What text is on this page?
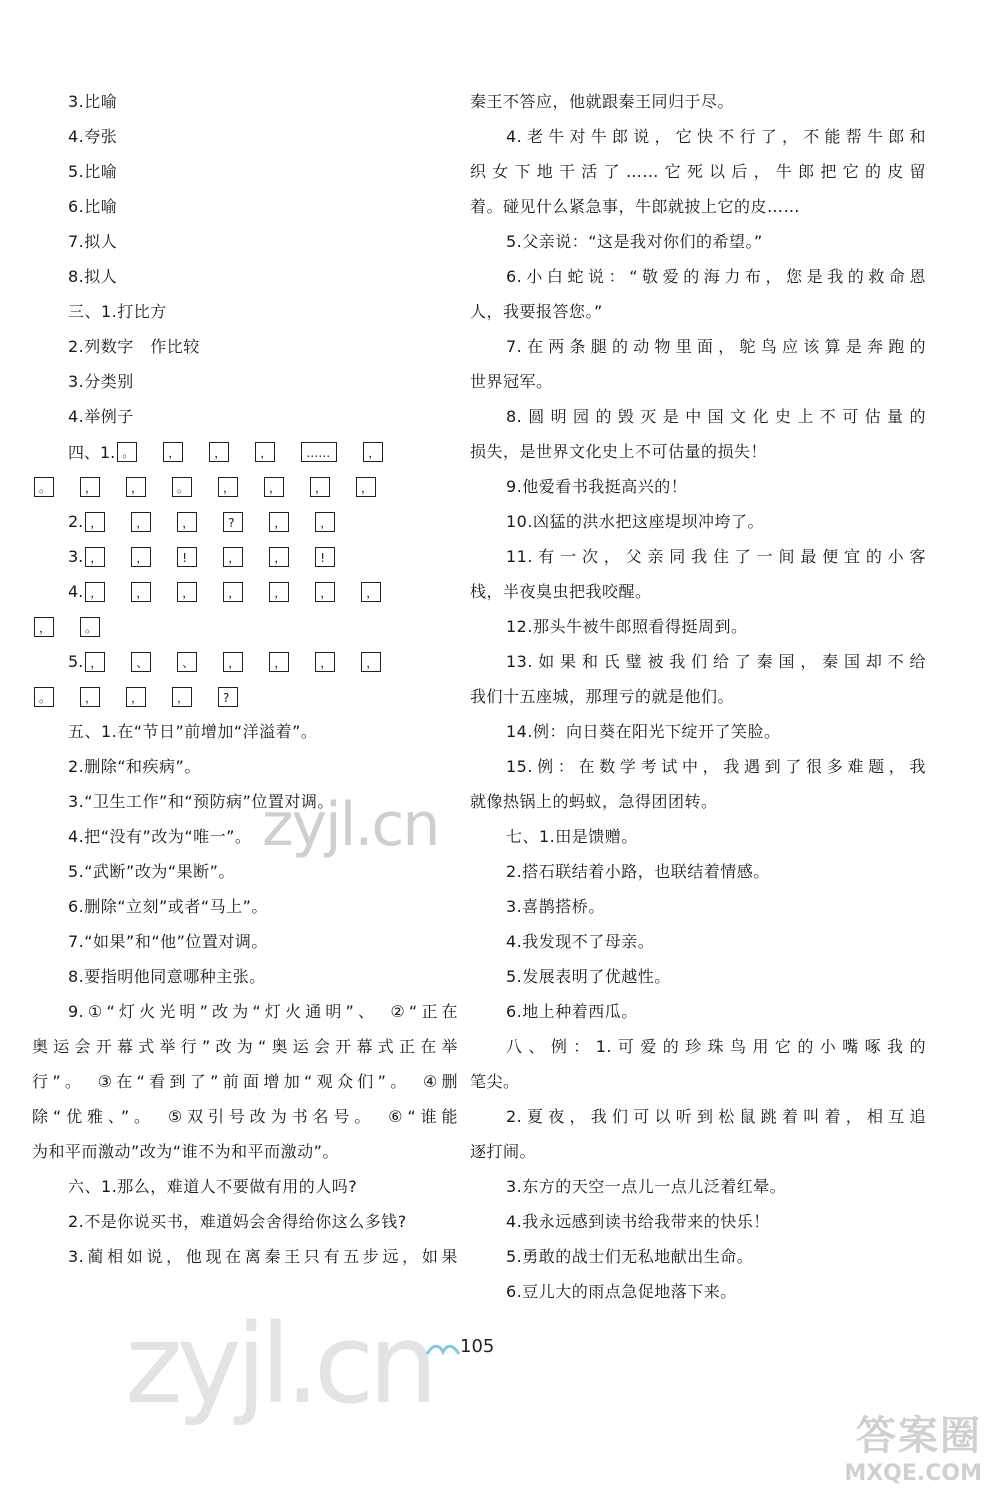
3.比喻
4.夸张
5.比喻
6.比喻
7.拟人
8.拟人
三、1.打比方
2.列数字　作比较
3.分类别
4.举例子
四、1. 。	，	，	，	……	，
。	，	，	。	，	，	，	，
2. ，	，	，	?	，	，
3. ，	，	!	，	，	!
4. ，	，	，	，	，	，	，
，	。
5. ，	、	、	，	，	，	，
。	，	，	，	?
五、1.在“节日”前增加“洋溢着”。
2.删除“和疾病”。
3.“卫生工作”和“预防病”位置对调。
4.把“没有”改为“唯一”。
5.“武断”改为“果断”。
6.删除“立刻”或者“马上”。
7.“如果”和“他”位置对调。
8.要指明他同意哪种主张。
9.①“灯火光明”改为“灯火通明”、　②“正在
奥运会开幕式举行”改为“奥运会开幕式正在举
行”。　③在“看到了”前面增加“观众们”。　④删
除“优雅、”。　⑤双引号改为书名号。　⑥“谁能
为和平而激动”改为“谁不为和平而激动”。
六、1.那么，难道人不要做有用的人吗?
2.不是你说买书，难道妈会舍得给你这么多钱?
3.蔺相如说，他现在离秦王只有五步远，如果
秦王不答应，他就跟秦王同归于尽。
4.老牛对牛郎说，它快不行了，不能帮牛郎和
织女下地干活了……它死以后，牛郎把它的皮留
着。碰见什么紧急事，牛郎就披上它的皮……
5.父亲说：“这是我对你们的希望。”
6.小白蛇说：“敬爱的海力布，您是我的救命恩
人，我要报答您。”
7.在两条腿的动物里面，鸵鸟应该算是奔跑的
世界冠军。
8.圆明园的毁灭是中国文化史上不可估量的
损失，是世界文化史上不可估量的损失！
9.他爱看书我挺高兴的！
10.凶猛的洪水把这座堤坝冲垮了。
11.有一次，父亲同我住了一间最便宜的小客
栈，半夜臭虫把我咬醒。
12.那头牛被牛郎照看得挺周到。
13.如果和氏璧被我们给了秦国，秦国却不给
我们十五座城，那理亏的就是他们。
14.例：向日葵在阳光下绽开了笑脸。
15.例：在数学考试中，我遇到了很多难题，我
就像热锅上的蚂蚁，急得团团转。
七、1.田是馈赠。
2.搭石联结着小路，也联结着情感。
3.喜鹊搭桥。
4.我发现不了母亲。
5.发展表明了优越性。
6.地上种着西瓜。
八、例：1.可爱的珍珠鸟用它的小嘴啄我的
笔尖。
2.夏夜，我们可以听到松鼠跳着叫着，相互追
逐打闹。
3.东方的天空一点儿一点儿泛着红晕。
4.我永远感到读书给我带来的快乐！
5.勇敢的战士们无私地献出生命。
6.豆儿大的雨点急促地落下来。
zyjl.cn
zyjl.cn 105
答案圈
MXQE.COM
